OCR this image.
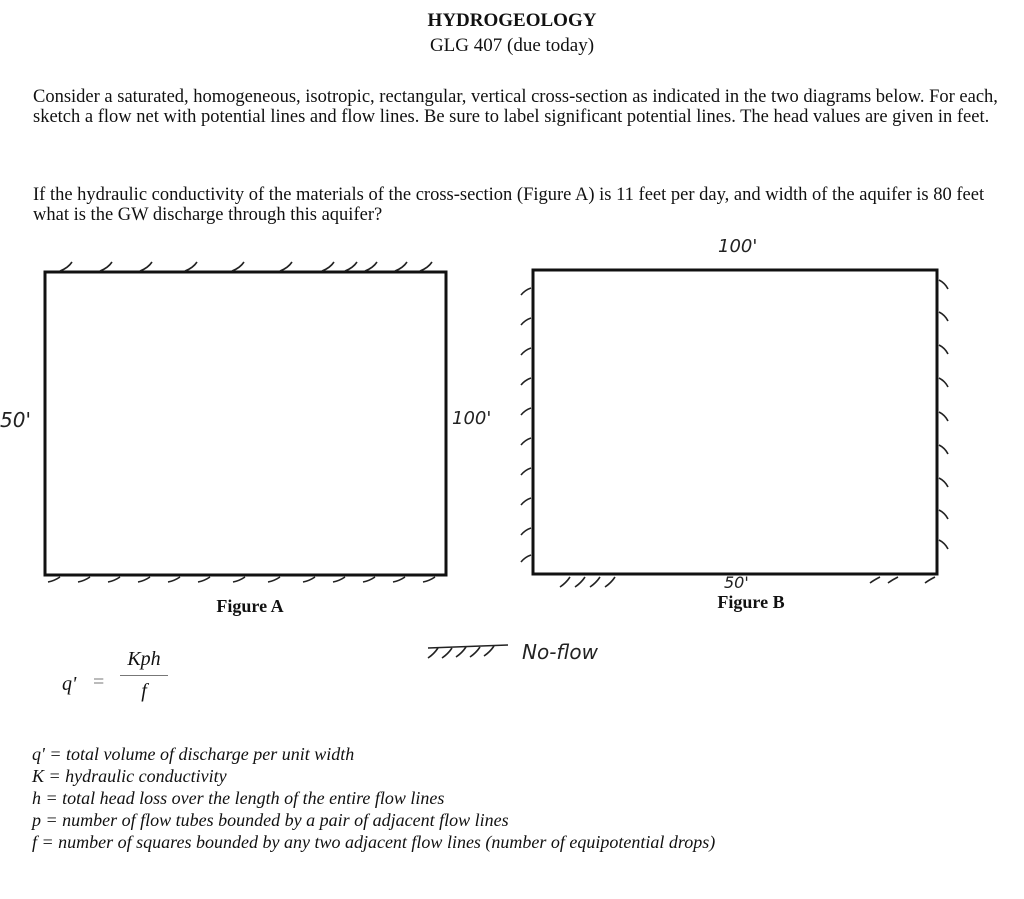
HYDROGEOLOGY
GLG 407 (due today)

Consider a saturated, homogeneous, isotropic, rectangular, vertical cross-section as indicated in the two diagrams below. For each, sketch a flow net with potential lines and flow lines. Be sure to label significant potential lines. The head values are given in feet.

If the hydraulic conductivity of the materials of the cross-section (Figure A) is 11 feet per day, and width of the aquifer is 80 feet what is the GW discharge through this aquifer?

50'	100'
100'
50'
No-flow
Figure A	Figure B
q' =
Kph
f
q' = total volume of discharge per unit width
K = hydraulic conductivity
h = total head loss over the length of the entire flow lines
p = number of flow tubes bounded by a pair of adjacent flow lines
f = number of squares bounded by any two adjacent flow lines (number of equipotential drops)
